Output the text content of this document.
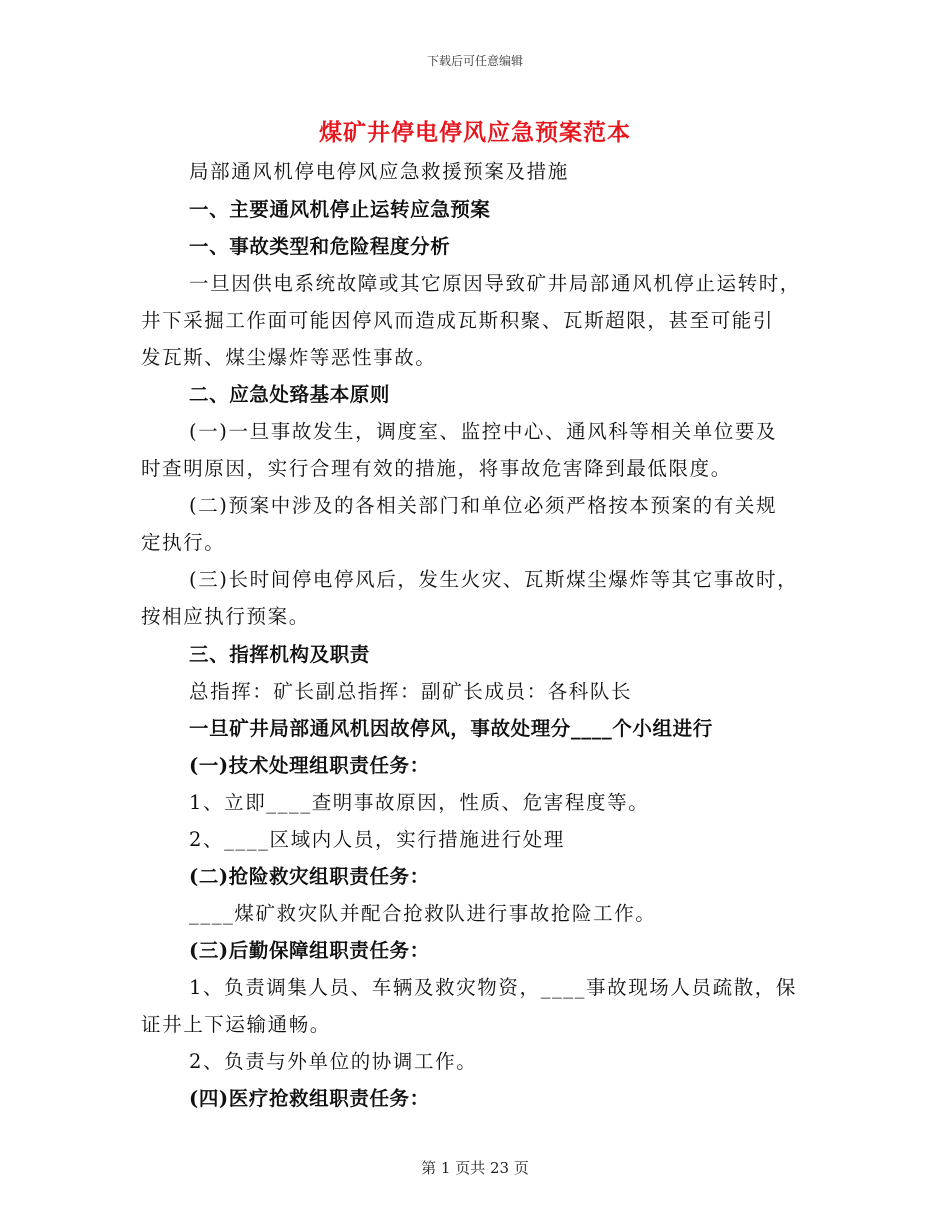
下载后可任意编辑
煤矿井停电停风应急预案范本
局部通风机停电停风应急救援预案及措施
一、主要通风机停止运转应急预案
一、事故类型和危险程度分析
一旦因供电系统故障或其它原因导致矿井局部通风机停止运转时，
井下采掘工作面可能因停风而造成瓦斯积聚、瓦斯超限，甚至可能引
发瓦斯、煤尘爆炸等恶性事故。
二、应急处臵基本原则
(一)一旦事故发生，调度室、监控中心、通风科等相关单位要及
时查明原因，实行合理有效的措施，将事故危害降到最低限度。
(二)预案中涉及的各相关部门和单位必须严格按本预案的有关规
定执行。
(三)长时间停电停风后，发生火灾、瓦斯煤尘爆炸等其它事故时，
按相应执行预案。
三、指挥机构及职责
总指挥：矿长副总指挥：副矿长成员：各科队长
一旦矿井局部通风机因故停风，事故处理分____个小组进行
(一)技术处理组职责任务：
1、立即____查明事故原因，性质、危害程度等。
2、____区域内人员，实行措施进行处理
(二)抢险救灾组职责任务：
____煤矿救灾队并配合抢救队进行事故抢险工作。
(三)后勤保障组职责任务：
1、负责调集人员、车辆及救灾物资，____事故现场人员疏散，保
证井上下运输通畅。
2、负责与外单位的协调工作。
(四)医疗抢救组职责任务：
第 1 页共 23 页
